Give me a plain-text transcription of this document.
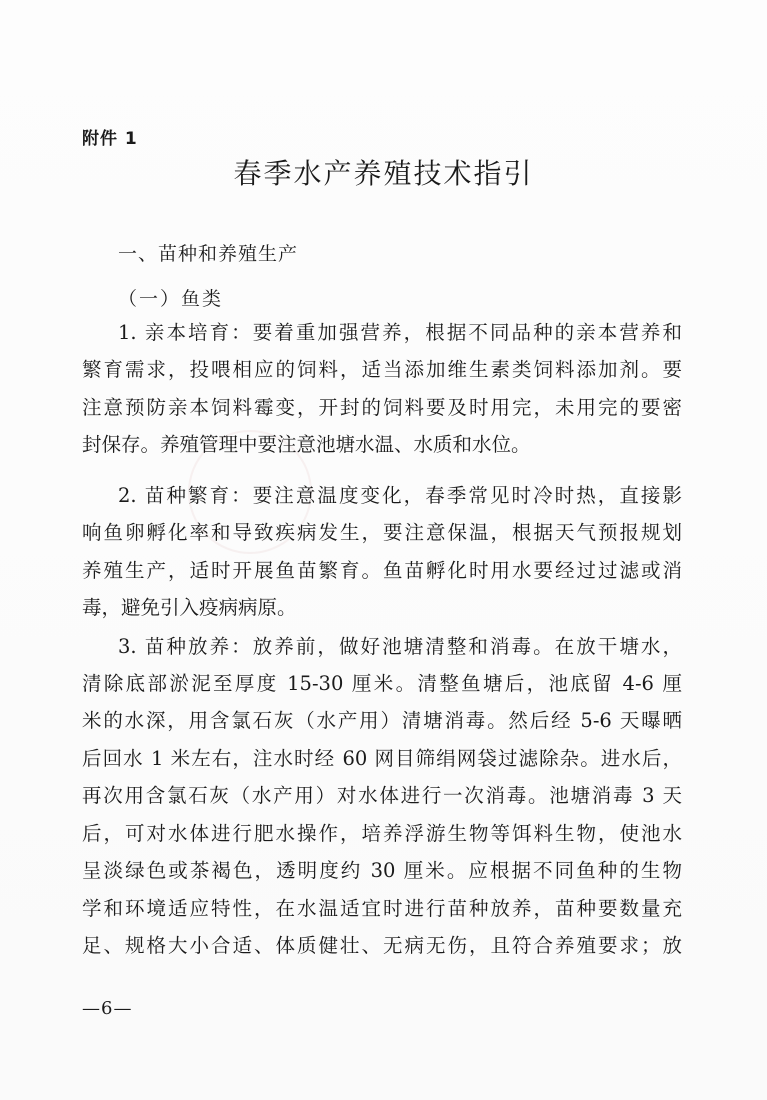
附件 1
春季水产养殖技术指引
一、苗种和养殖生产
（一）鱼类
1. 亲本培育：要着重加强营养，根据不同品种的亲本营养和
繁育需求，投喂相应的饲料，适当添加维生素类饲料添加剂。要
注意预防亲本饲料霉变，开封的饲料要及时用完，未用完的要密
封保存。养殖管理中要注意池塘水温、水质和水位。
2. 苗种繁育：要注意温度变化，春季常见时冷时热，直接影
响鱼卵孵化率和导致疾病发生，要注意保温，根据天气预报规划
养殖生产，适时开展鱼苗繁育。鱼苗孵化时用水要经过过滤或消
毒，避免引入疫病病原。
3. 苗种放养：放养前，做好池塘清整和消毒。在放干塘水，
清除底部淤泥至厚度 15-30 厘米。清整鱼塘后，池底留 4-6 厘
米的水深，用含氯石灰（水产用）清塘消毒。然后经 5-6 天曝晒
后回水 1 米左右，注水时经 60 网目筛绢网袋过滤除杂。进水后，
再次用含氯石灰（水产用）对水体进行一次消毒。池塘消毒 3 天
后，可对水体进行肥水操作，培养浮游生物等饵料生物，使池水
呈淡绿色或茶褐色，透明度约 30 厘米。应根据不同鱼种的生物
学和环境适应特性，在水温适宜时进行苗种放养，苗种要数量充
足、规格大小合适、体质健壮、无病无伤，且符合养殖要求；放
—6—
